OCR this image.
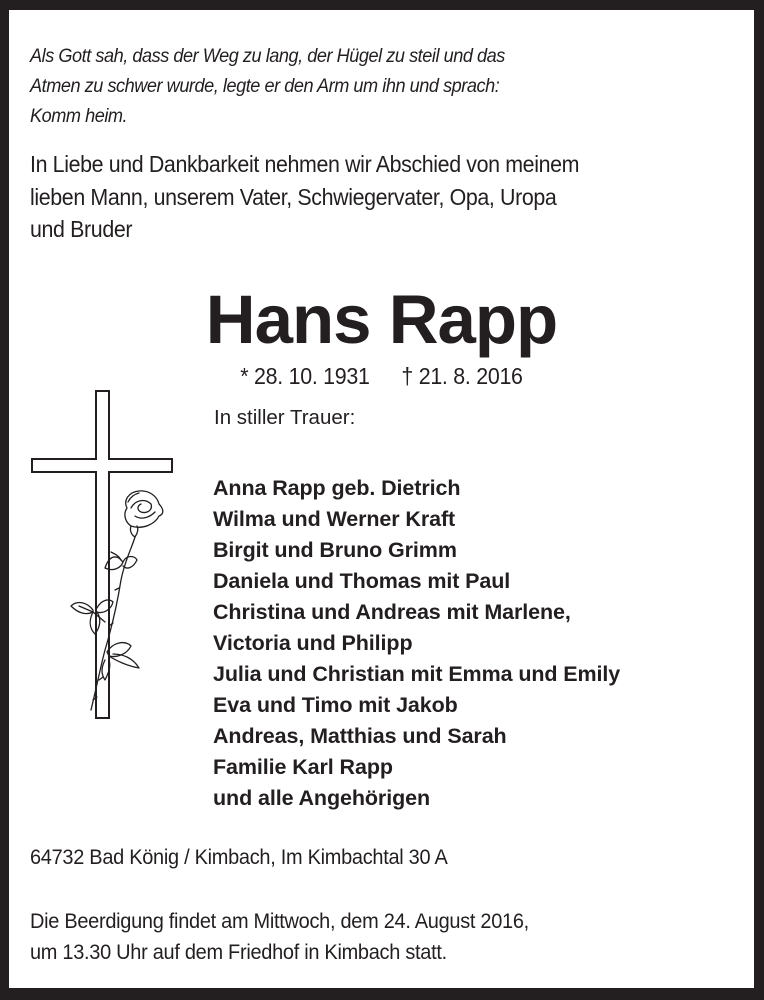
Als Gott sah, dass der Weg zu lang, der Hügel zu steil und das
Atmen zu schwer wurde, legte er den Arm um ihn und sprach:
Komm heim.
In Liebe und Dankbarkeit nehmen wir Abschied von meinem
lieben Mann, unserem Vater, Schwiegervater, Opa, Uropa
und Bruder
Hans Rapp
* 28. 10. 1931 † 21. 8. 2016
In stiller Trauer:
Anna Rapp geb. Dietrich
Wilma und Werner Kraft
Birgit und Bruno Grimm
Daniela und Thomas mit Paul
Christina und Andreas mit Marlene,
Victoria und Philipp
Julia und Christian mit Emma und Emily
Eva und Timo mit Jakob
Andreas, Matthias und Sarah
Familie Karl Rapp
und alle Angehörigen
64732 Bad König / Kimbach, Im Kimbachtal 30 A
Die Beerdigung findet am Mittwoch, dem 24. August 2016,
um 13.30 Uhr auf dem Friedhof in Kimbach statt.
